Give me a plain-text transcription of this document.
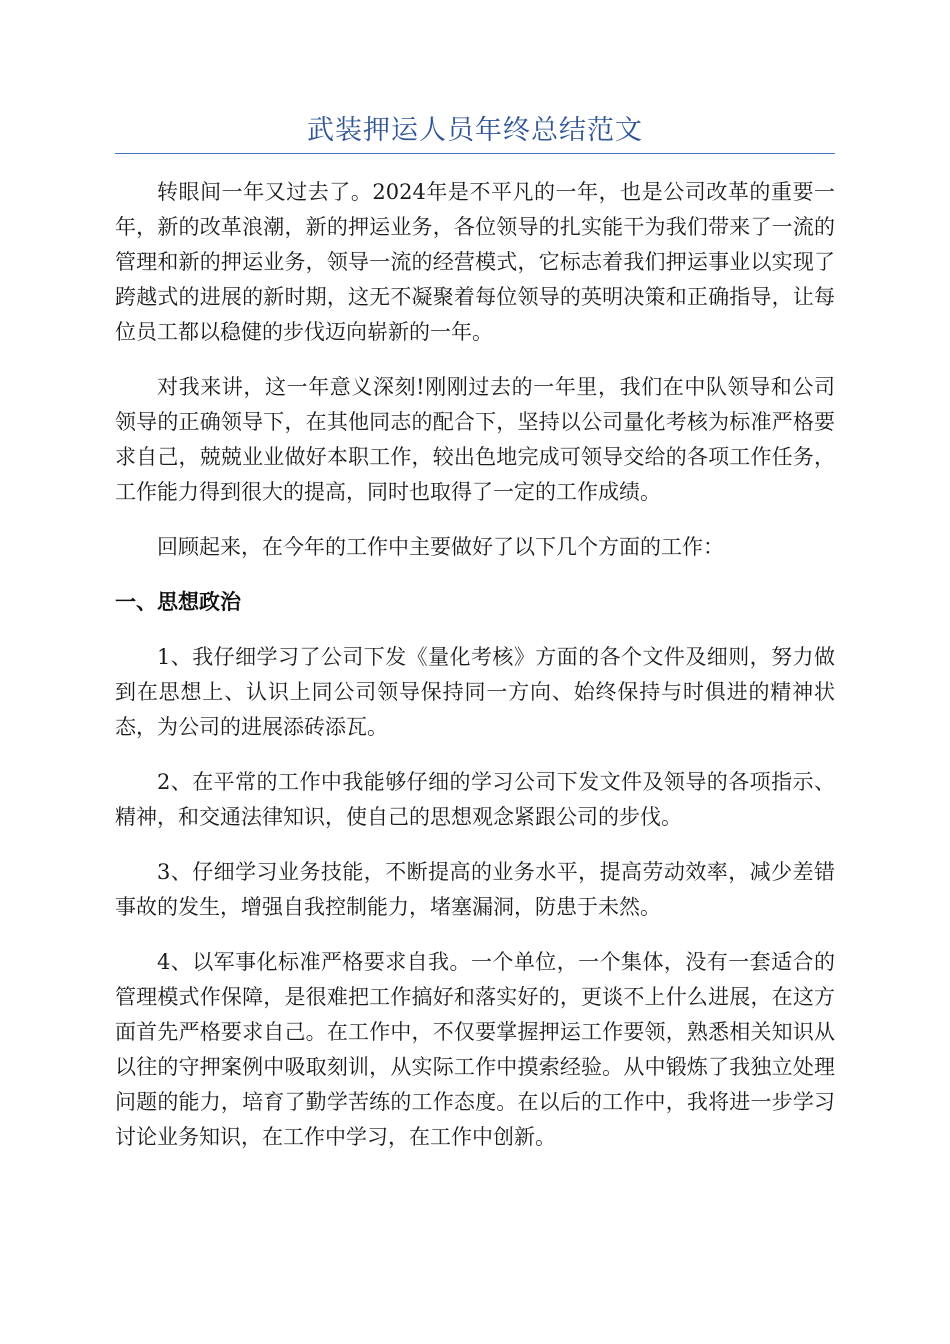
武装押运人员年终总结范文

转眼间一年又过去了。2024年是不平凡的一年，也是公司改革的重要一年，新的改革浪潮，新的押运业务，各位领导的扎实能干为我们带来了一流的管理和新的押运业务，领导一流的经营模式，它标志着我们押运事业以实现了跨越式的进展的新时期，这无不凝聚着每位领导的英明决策和正确指导，让每位员工都以稳健的步伐迈向崭新的一年。

对我来讲，这一年意义深刻!刚刚过去的一年里，我们在中队领导和公司领导的正确领导下，在其他同志的配合下，坚持以公司量化考核为标准严格要求自己，兢兢业业做好本职工作，较出色地完成可领导交给的各项工作任务，工作能力得到很大的提高，同时也取得了一定的工作成绩。

回顾起来，在今年的工作中主要做好了以下几个方面的工作：

一、思想政治

1、我仔细学习了公司下发《量化考核》方面的各个文件及细则，努力做到在思想上、认识上同公司领导保持同一方向、始终保持与时俱进的精神状态，为公司的进展添砖添瓦。

2、在平常的工作中我能够仔细的学习公司下发文件及领导的各项指示、精神，和交通法律知识，使自己的思想观念紧跟公司的步伐。

3、仔细学习业务技能，不断提高的业务水平，提高劳动效率，减少差错事故的发生，增强自我控制能力，堵塞漏洞，防患于未然。

4、以军事化标准严格要求自我。一个单位，一个集体，没有一套适合的管理模式作保障，是很难把工作搞好和落实好的，更谈不上什么进展，在这方面首先严格要求自己。在工作中，不仅要掌握押运工作要领，熟悉相关知识从以往的守押案例中吸取刻训，从实际工作中摸索经验。从中锻炼了我独立处理问题的能力，培育了勤学苦练的工作态度。在以后的工作中，我将进一步学习讨论业务知识，在工作中学习，在工作中创新。
